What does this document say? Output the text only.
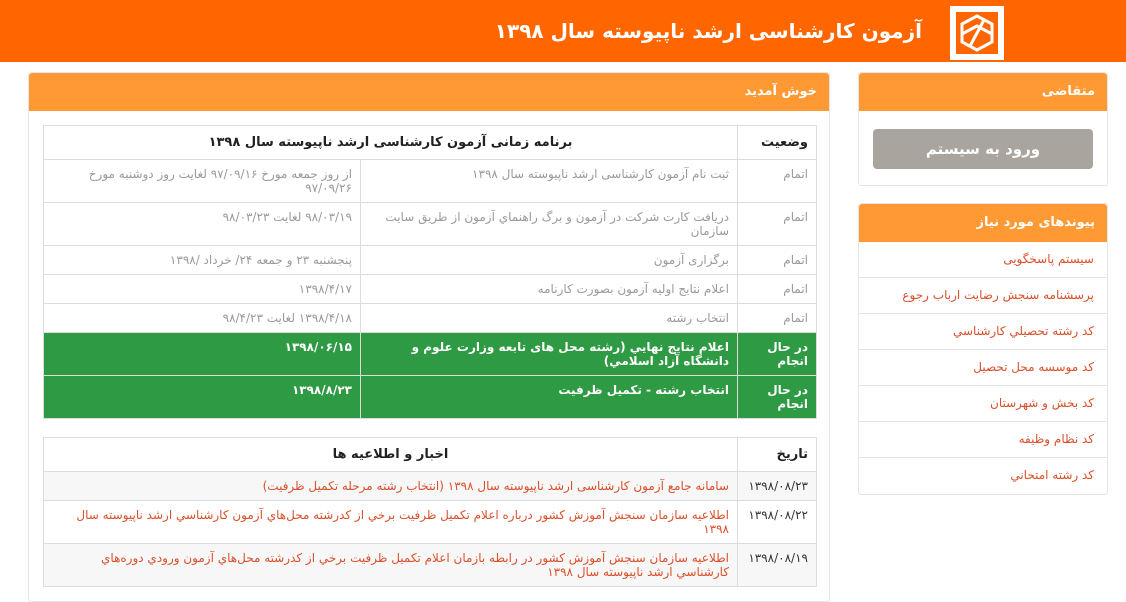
آزمون کارشناسی ارشد ناپیوسته سال ۱۳۹۸
متقاضی
ورود به سیستم
پیوندهای مورد نیاز
سیستم پاسخگویی
پرسشنامه سنجش رضایت ارباب رجوع
کد رشته تحصيلي کارشناسي
کد موسسه محل تحصيل
کد بخش و شهرستان
کد نظام وظيفه
کد رشته امتحاني
خوش آمدید
وضعیت	برنامه زمانی آزمون کارشناسی ارشد ناپیوسته سال ۱۳۹۸	
اتمام	ثبت نام آزمون کارشناسی ارشد ناپیوسته سال ۱۳۹۸	از روز جمعه مورخ ۹۷/۰۹/۱۶ لغايت روز دوشنبه مورخ ۹۷/۰۹/۲۶
اتمام	دريافت كارت شركت در آزمون و برگ راهنماي آزمون از طريق سايت سازمان	۹۸/۰۳/۱۹ لغايت ۹۸/۰۳/۲۳
اتمام	برگزاری آزمون	پنجشنبه ۲۳ و جمعه ۲۴/ خرداد /۱۳۹۸
اتمام	اعلام نتايج اوليه آزمون بصورت کارنامه	۱۳۹۸/۴/۱۷
اتمام	انتخاب رشته	۱۳۹۸/۴/۱۸ لغايت ۹۸/۴/۲۳
در حال انجام	اعلام نتايج نهايي (رشته محل های تابعه وزارت علوم و دانشگاه آزاد اسلامي)	۱۳۹۸/۰۶/۱۵
در حال انجام	انتخاب رشته - تكميل ظرفيت	۱۳۹۸/۸/۲۳
تاریخ	اخبار و اطلاعیه ها
۱۳۹۸/۰۸/۲۳	سامانه جامع آزمون كارشناسی ارشد ناپیوسته سال ۱۳۹۸ (انتخاب رشته مرحله تکميل ظرفيت)
۱۳۹۸/۰۸/۲۲	اطلاعيه سازمان سنجش آموزش كشور درباره اعلام تكميل ظرفيت برخي از كدرشته محل‌هاي آزمون كارشناسي ارشد ناپيوسته سال ۱۳۹۸
۱۳۹۸/۰۸/۱۹	اطلاعيه سازمان سنجش آموزش كشور در رابطه بازمان اعلام تكميل ظرفيت برخي از كدرشته محل‌هاي آزمون ورودي دوره‌هاي كارشناسي ارشد ناپيوسته سال ۱۳۹۸
